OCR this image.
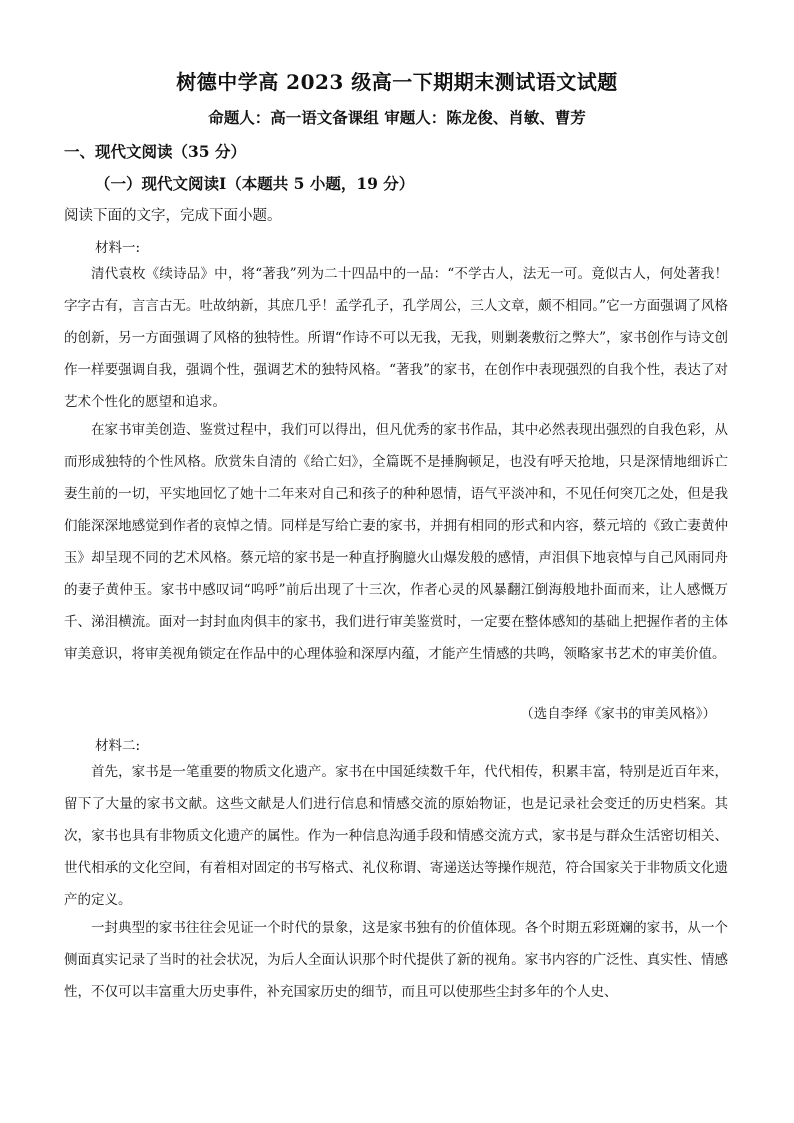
树德中学高 2023 级高一下期期末测试语文试题
命题人：高一语文备课组 审题人：陈龙俊、肖敏、曹芳
一、现代文阅读（35 分）
（一）现代文阅读Ⅰ（本题共 5 小题，19 分）
阅读下面的文字，完成下面小题。
材料一:

清代袁枚《续诗品》中，将“著我”列为二十四品中的一品：“不学古人，法无一可。竟似古人，何处著我！字字古有，言言古无。吐故纳新，其庶几乎！孟学孔子，孔学周公，三人文章，颇不相同。”它一方面强调了风格的创新，另一方面强调了风格的独特性。所谓“作诗不可以无我，无我，则剿袭敷衍之弊大”，家书创作与诗文创作一样要强调自我，强调个性，强调艺术的独特风格。“著我”的家书，在创作中表现强烈的自我个性，表达了对艺术个性化的愿望和追求。

在家书审美创造、鉴赏过程中，我们可以得出，但凡优秀的家书作品，其中必然表现出强烈的自我色彩，从而形成独特的个性风格。欣赏朱自清的《给亡妇》，全篇既不是捶胸顿足，也没有呼天抢地，只是深情地细诉亡妻生前的一切，平实地回忆了她十二年来对自己和孩子的种种恩情，语气平淡冲和，不见任何突兀之处，但是我们能深深地感觉到作者的哀悼之情。同样是写给亡妻的家书，并拥有相同的形式和内容，蔡元培的《致亡妻黄仲玉》却呈现不同的艺术风格。蔡元培的家书是一种直抒胸臆火山爆发般的感情，声泪俱下地哀悼与自己风雨同舟的妻子黄仲玉。家书中感叹词“呜呼”前后出现了十三次，作者心灵的风暴翻江倒海般地扑面而来，让人感慨万千、涕泪横流。面对一封封血肉俱丰的家书，我们进行审美鉴赏时，一定要在整体感知的基础上把握作者的主体审美意识，将审美视角锁定在作品中的心理体验和深厚内蕴，才能产生情感的共鸣，领略家书艺术的审美价值。

（选自李绎《家书的审美风格》）
材料二:

首先，家书是一笔重要的物质文化遗产。家书在中国延续数千年，代代相传，积累丰富，特别是近百年来，留下了大量的家书文献。这些文献是人们进行信息和情感交流的原始物证，也是记录社会变迁的历史档案。其次，家书也具有非物质文化遗产的属性。作为一种信息沟通手段和情感交流方式，家书是与群众生活密切相关、世代相承的文化空间，有着相对固定的书写格式、礼仪称谓、寄递送达等操作规范，符合国家关于非物质文化遗产的定义。

一封典型的家书往往会见证一个时代的景象，这是家书独有的价值体现。各个时期五彩斑斓的家书，从一个侧面真实记录了当时的社会状况，为后人全面认识那个时代提供了新的视角。家书内容的广泛性、真实性、情感性，不仅可以丰富重大历史事件，补充国家历史的细节，而且可以使那些尘封多年的个人史、
